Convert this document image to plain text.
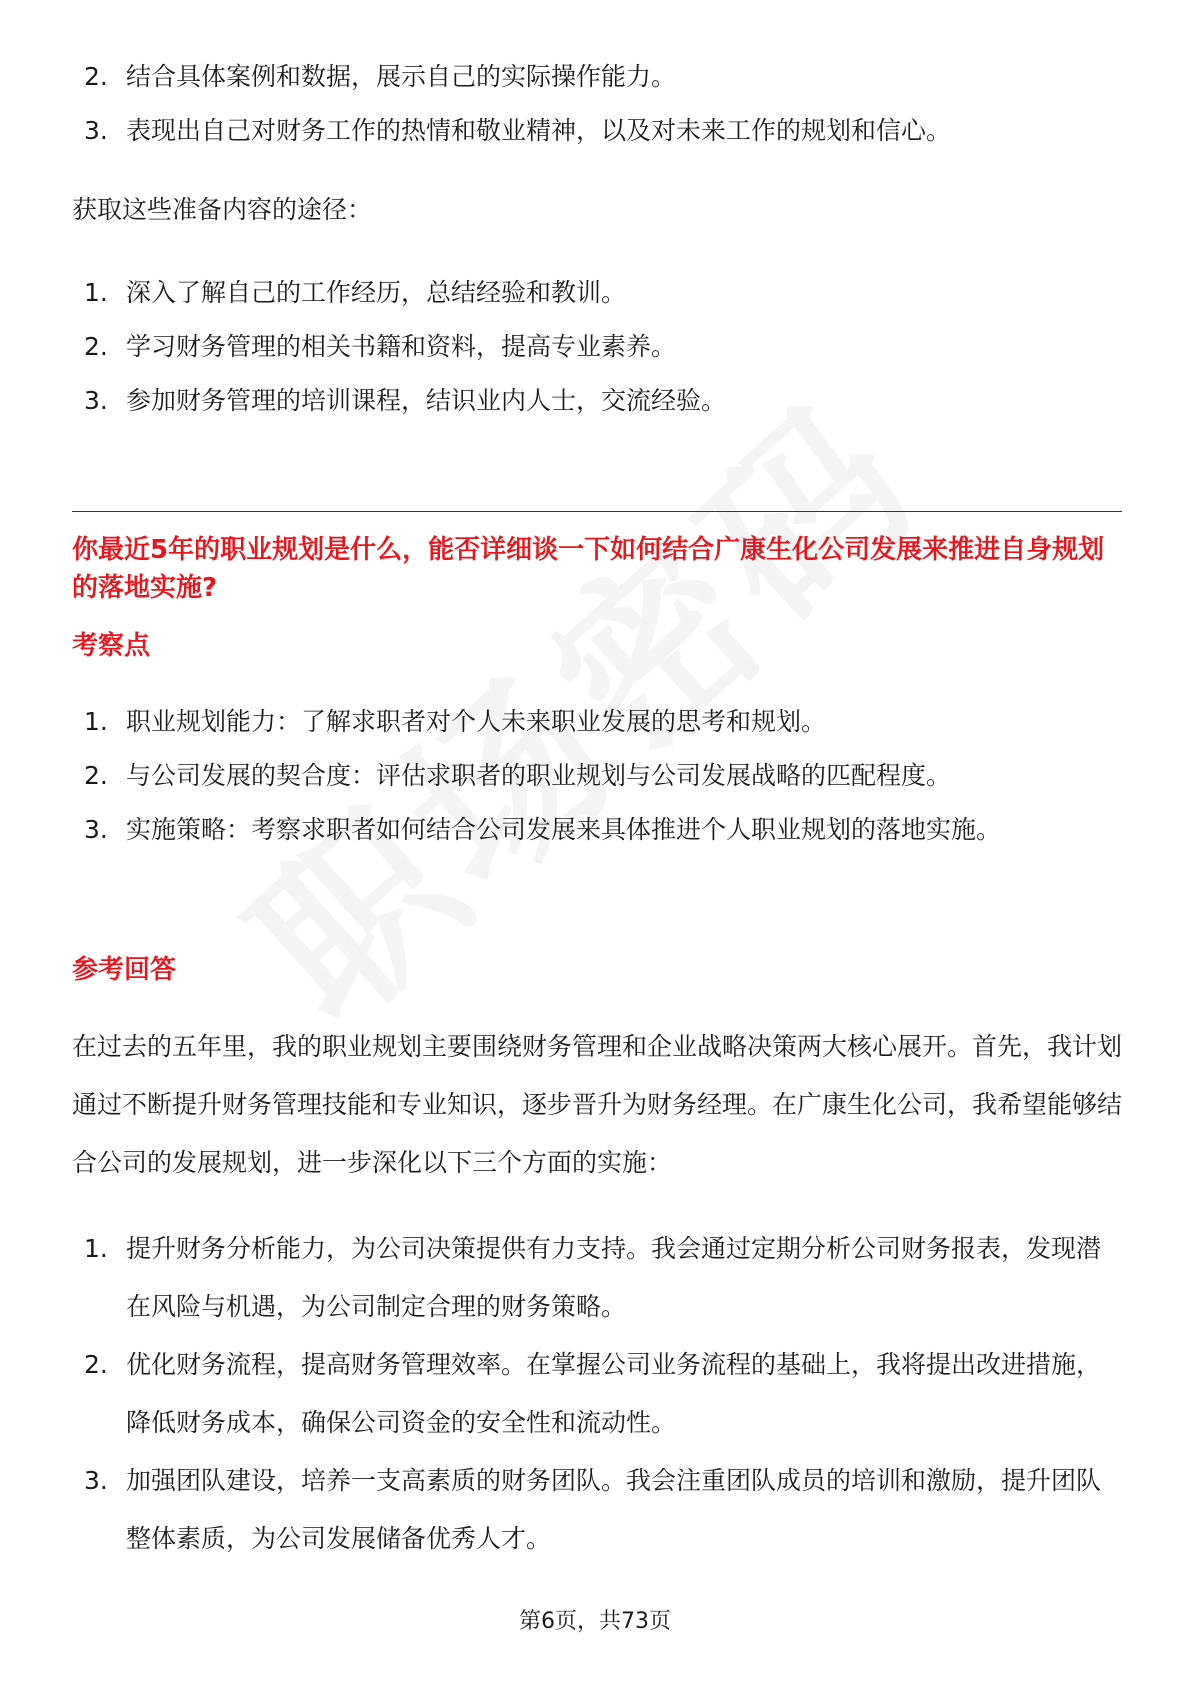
2. 结合具体案例和数据，展示自己的实际操作能力。
3. 表现出自己对财务工作的热情和敬业精神，以及对未来工作的规划和信心。

获取这些准备内容的途径：

1. 深入了解自己的工作经历，总结经验和教训。
2. 学习财务管理的相关书籍和资料，提高专业素养。
3. 参加财务管理的培训课程，结识业内人士，交流经验。
你最近5年的职业规划是什么，能否详细谈一下如何结合广康生化公司发展来推进自身规划的落地实施?
考察点
1. 职业规划能力：了解求职者对个人未来职业发展的思考和规划。
2. 与公司发展的契合度：评估求职者的职业规划与公司发展战略的匹配程度。
3. 实施策略：考察求职者如何结合公司发展来具体推进个人职业规划的落地实施。
参考回答

在过去的五年里，我的职业规划主要围绕财务管理和企业战略决策两大核心展开。首先，我计划通过不断提升财务管理技能和专业知识，逐步晋升为财务经理。在广康生化公司，我希望能够结合公司的发展规划，进一步深化以下三个方面的实施：

1. 提升财务分析能力，为公司决策提供有力支持。我会通过定期分析公司财务报表，发现潜在风险与机遇，为公司制定合理的财务策略。
2. 优化财务流程，提高财务管理效率。在掌握公司业务流程的基础上，我将提出改进措施，降低财务成本，确保公司资金的安全性和流动性。
3. 加强团队建设，培养一支高素质的财务团队。我会注重团队成员的培训和激励，提升团队整体素质，为公司发展储备优秀人才。
第6页，共73页
